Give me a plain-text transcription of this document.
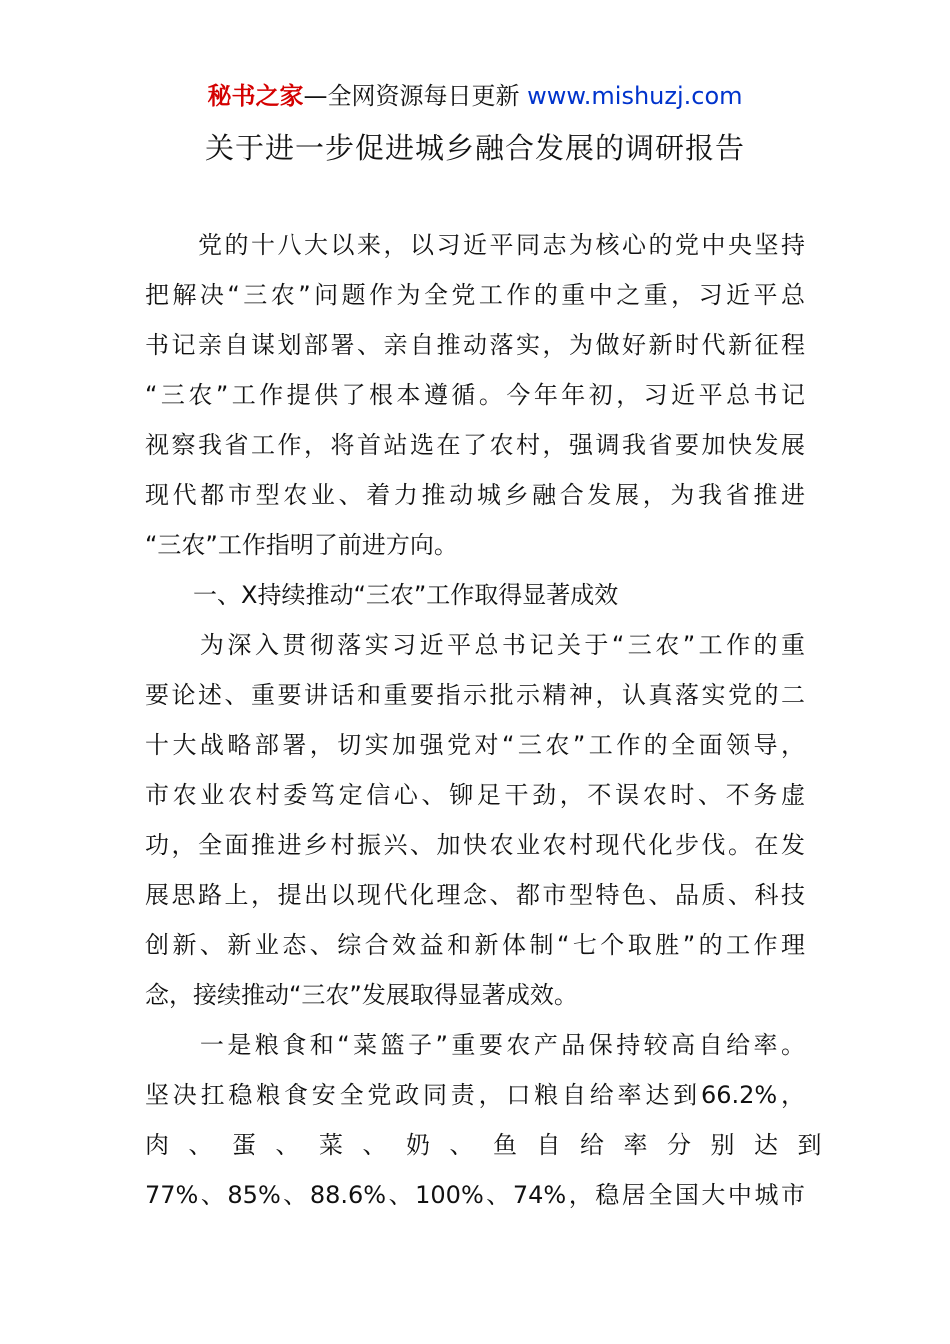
秘书之家—全网资源每日更新 www.mishuzj.com
关于进一步促进城乡融合发展的调研报告
　　党的十八大以来，以习近平同志为核心的党中央坚持
把解决“三农”问题作为全党工作的重中之重，习近平总
书记亲自谋划部署、亲自推动落实，为做好新时代新征程
“三农”工作提供了根本遵循。今年年初，习近平总书记
视察我省工作，将首站选在了农村，强调我省要加快发展
现代都市型农业、着力推动城乡融合发展，为我省推进
“三农”工作指明了前进方向。
　　一、X持续推动“三农”工作取得显著成效
　　为深入贯彻落实习近平总书记关于“三农”工作的重
要论述、重要讲话和重要指示批示精神，认真落实党的二
十大战略部署，切实加强党对“三农”工作的全面领导，
市农业农村委笃定信心、铆足干劲，不误农时、不务虚
功，全面推进乡村振兴、加快农业农村现代化步伐。在发
展思路上，提出以现代化理念、都市型特色、品质、科技
创新、新业态、综合效益和新体制“七个取胜”的工作理
念，接续推动“三农”发展取得显著成效。
　　一是粮食和“菜篮子”重要农产品保持较高自给率。
坚决扛稳粮食安全党政同责，口粮自给率达到66.2%，
肉、蛋、菜、奶、鱼自给率分别达到
77%、85%、88.6%、100%、74%，稳居全国大中城市
